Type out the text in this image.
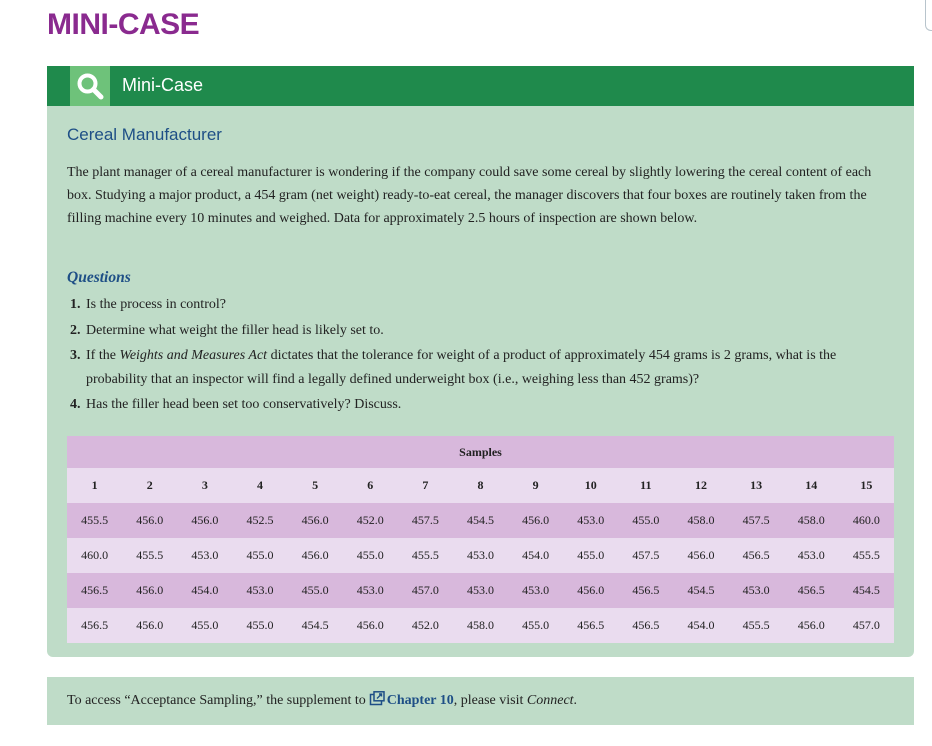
MINI-CASE
Mini-Case
Cereal Manufacturer

The plant manager of a cereal manufacturer is wondering if the company could save some cereal by slightly lowering the cereal content of each box. Studying a major product, a 454 gram (net weight) ready-to-eat cereal, the manager discovers that four boxes are routinely taken from the filling machine every 10 minutes and weighed. Data for approximately 2.5 hours of inspection are shown below.

Questions
1. Is the process in control?
2. Determine what weight the filler head is likely set to.
3. If the Weights and Measures Act dictates that the tolerance for weight of a product of approximately 454 grams is 2 grams, what is the probability that an inspector will find a legally defined underweight box (i.e., weighing less than 452 grams)?
4. Has the filler head been set too conservatively? Discuss.
Samples														
1	2	3	4	5	6	7	8	9	10	11	12	13	14	15
455.5	456.0	456.0	452.5	456.0	452.0	457.5	454.5	456.0	453.0	455.0	458.0	457.5	458.0	460.0
460.0	455.5	453.0	455.0	456.0	455.0	455.5	453.0	454.0	455.0	457.5	456.0	456.5	453.0	455.5
456.5	456.0	454.0	453.0	455.0	453.0	457.0	453.0	453.0	456.0	456.5	454.5	453.0	456.5	454.5
456.5	456.0	455.0	455.0	454.5	456.0	452.0	458.0	455.0	456.5	456.5	454.0	455.5	456.0	457.0
To access “Acceptance Sampling,” the supplement to Chapter 10, please visit Connect.
